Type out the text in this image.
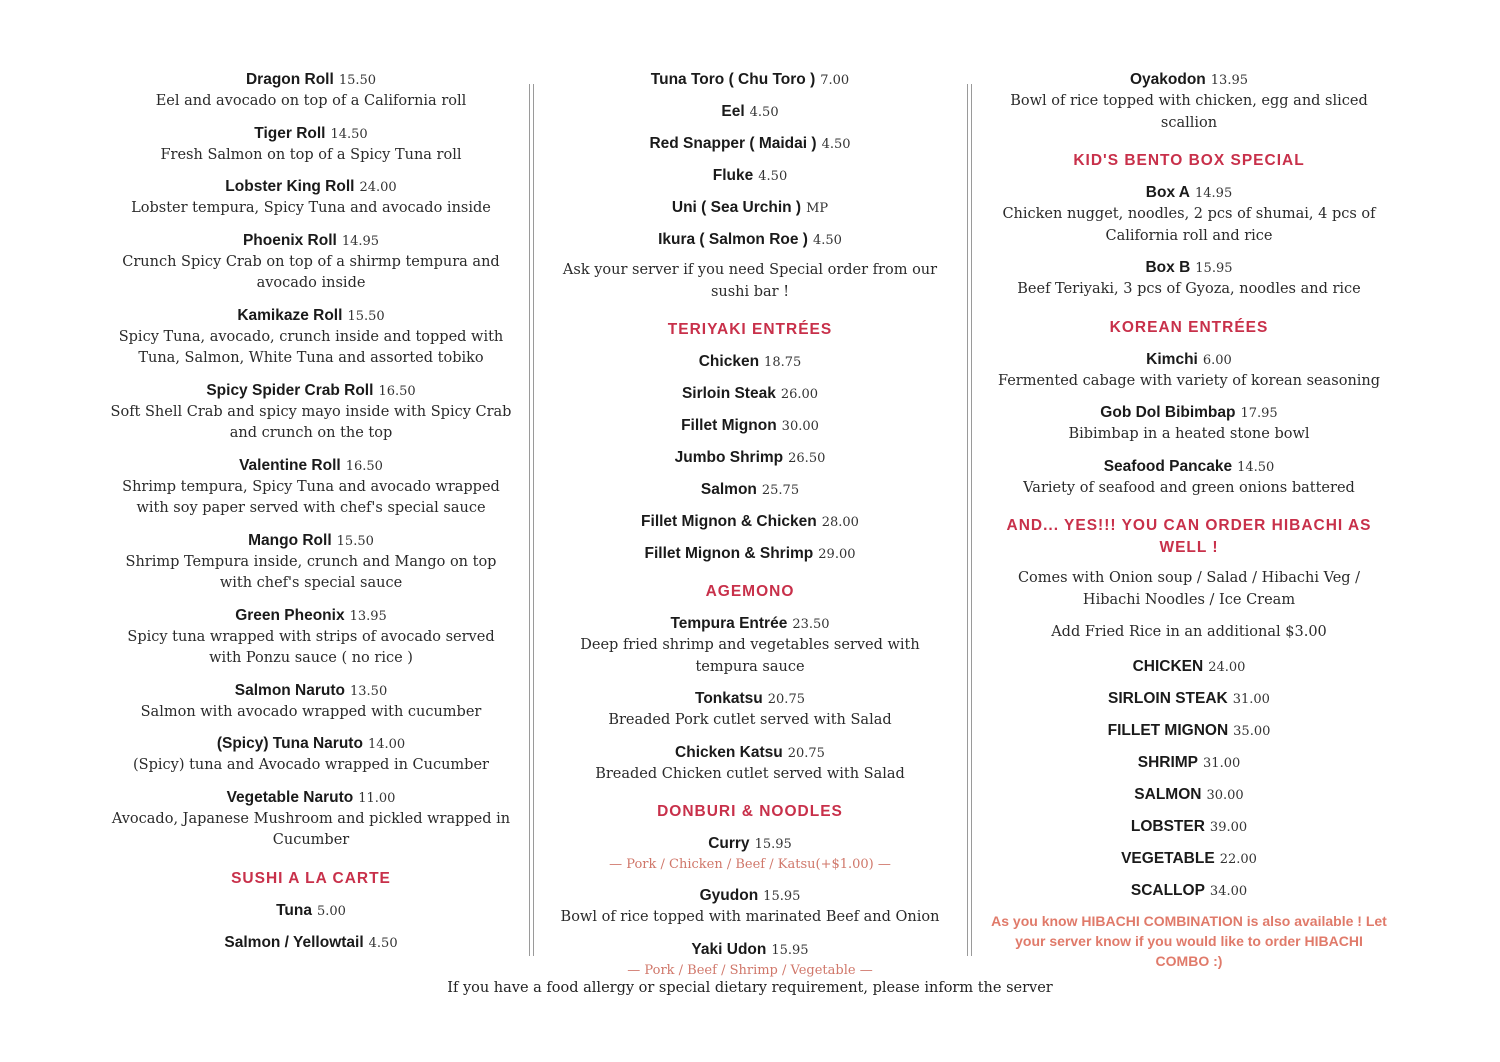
Dragon Roll 15.50
Eel and avocado on top of a California roll
Tiger Roll 14.50
Fresh Salmon on top of a Spicy Tuna roll
Lobster King Roll 24.00
Lobster tempura, Spicy Tuna and avocado inside
Phoenix Roll 14.95
Crunch Spicy Crab on top of a shirmp tempura and avocado inside
Kamikaze Roll 15.50
Spicy Tuna, avocado, crunch inside and topped with Tuna, Salmon, White Tuna and assorted tobiko
Spicy Spider Crab Roll 16.50
Soft Shell Crab and spicy mayo inside with Spicy Crab and crunch on the top
Valentine Roll 16.50
Shrimp tempura, Spicy Tuna and avocado wrapped with soy paper served with chef's special sauce
Mango Roll 15.50
Shrimp Tempura inside, crunch and Mango on top with chef's special sauce
Green Pheonix 13.95
Spicy tuna wrapped with strips of avocado served with Ponzu sauce ( no rice )
Salmon Naruto 13.50
Salmon with avocado wrapped with cucumber
(Spicy) Tuna Naruto 14.00
(Spicy) tuna and Avocado wrapped in Cucumber
Vegetable Naruto 11.00
Avocado, Japanese Mushroom and pickled wrapped in Cucumber
SUSHI A LA CARTE
Tuna 5.00
Salmon / Yellowtail 4.50
Tuna Toro ( Chu Toro ) 7.00
Eel 4.50
Red Snapper ( Maidai ) 4.50
Fluke 4.50
Uni ( Sea Urchin ) MP
Ikura ( Salmon Roe ) 4.50
Ask your server if you need Special order from our sushi bar !
TERIYAKI ENTRÉES
Chicken 18.75
Sirloin Steak 26.00
Fillet Mignon 30.00
Jumbo Shrimp 26.50
Salmon 25.75
Fillet Mignon & Chicken 28.00
Fillet Mignon & Shrimp 29.00
AGEMONO
Tempura Entrée 23.50
Deep fried shrimp and vegetables served with tempura sauce
Tonkatsu 20.75
Breaded Pork cutlet served with Salad
Chicken Katsu 20.75
Breaded Chicken cutlet served with Salad
DONBURI & NOODLES
Curry 15.95
— Pork / Chicken / Beef / Katsu(+$1.00) —
Gyudon 15.95
Bowl of rice topped with marinated Beef and Onion
Yaki Udon 15.95
— Pork / Beef / Shrimp / Vegetable —
Oyakodon 13.95
Bowl of rice topped with chicken, egg and sliced scallion
KID'S BENTO BOX SPECIAL
Box A 14.95
Chicken nugget, noodles, 2 pcs of shumai, 4 pcs of California roll and rice
Box B 15.95
Beef Teriyaki, 3 pcs of Gyoza, noodles and rice
KOREAN ENTRÉES
Kimchi 6.00
Fermented cabage with variety of korean seasoning
Gob Dol Bibimbap 17.95
Bibimbap in a heated stone bowl
Seafood Pancake 14.50
Variety of seafood and green onions battered
AND... YES!!! YOU CAN ORDER HIBACHI AS WELL !
Comes with Onion soup / Salad / Hibachi Veg / Hibachi Noodles / Ice Cream
Add Fried Rice in an additional $3.00
CHICKEN 24.00
SIRLOIN STEAK 31.00
FILLET MIGNON 35.00
SHRIMP 31.00
SALMON 30.00
LOBSTER 39.00
VEGETABLE 22.00
SCALLOP 34.00
As you know HIBACHI COMBINATION is also available ! Let your server know if you would like to order HIBACHI COMBO :)
If you have a food allergy or special dietary requirement, please inform the server
